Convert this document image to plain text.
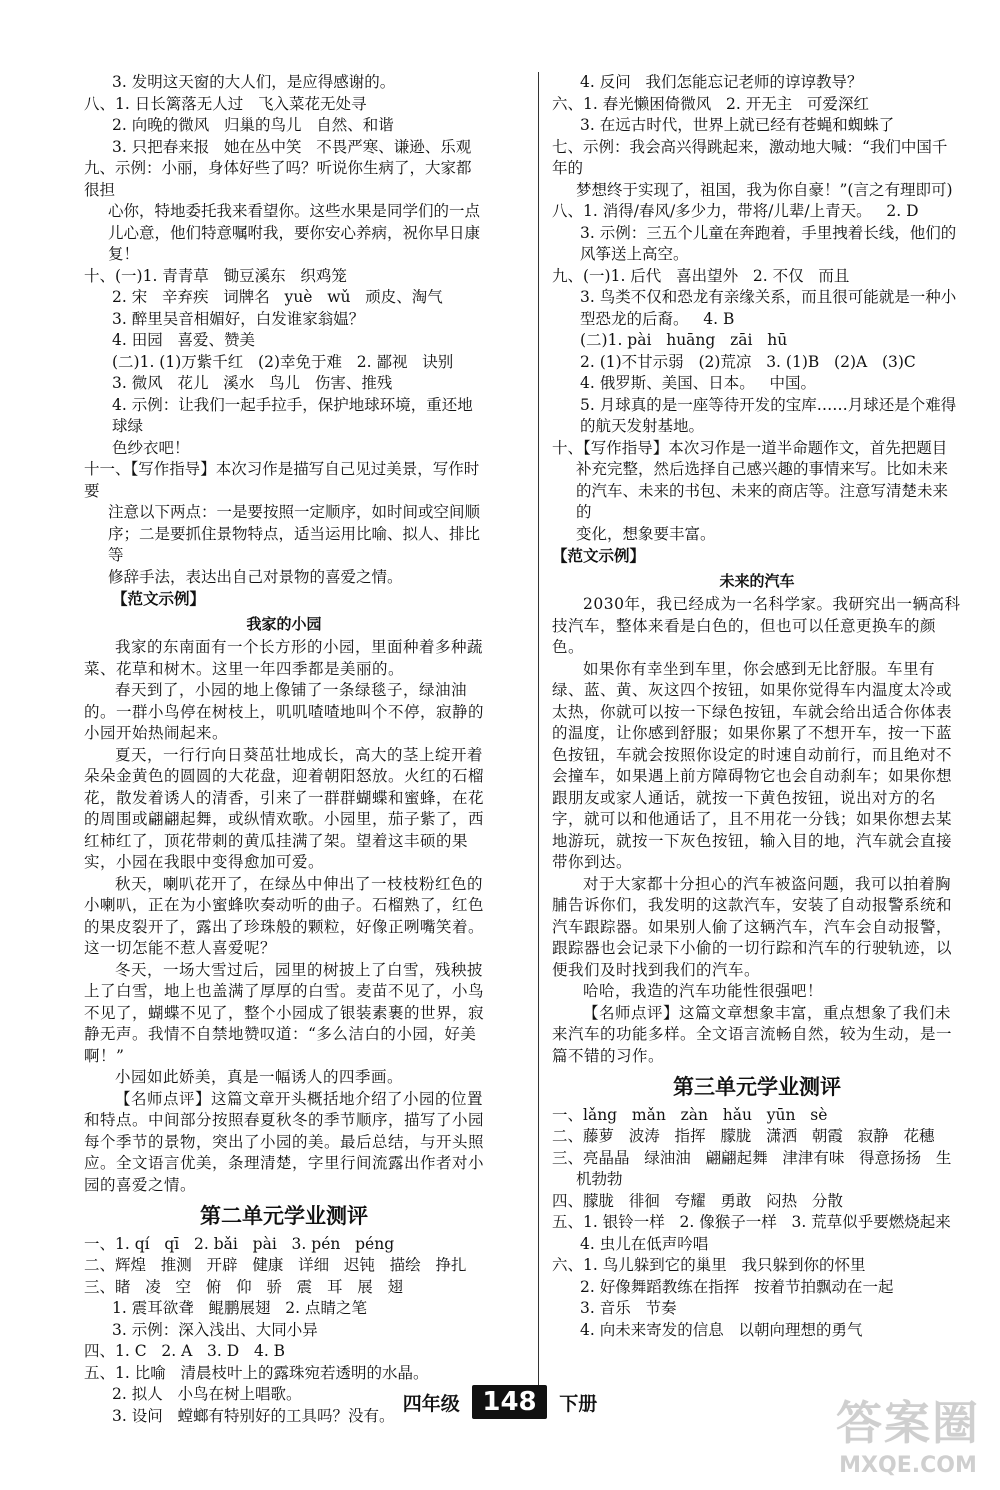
3. 发明这天窗的大人们，是应得感谢的。
八、1. 日长篱落无人过   飞入菜花无处寻
2. 向晚的微风   归巢的鸟儿   自然、和谐
3. 只把春来报   她在丛中笑   不畏严寒、谦逊、乐观
九、示例：小丽，身体好些了吗？听说你生病了，大家都很担
心你，特地委托我来看望你。这些水果是同学们的一点
儿心意，他们特意嘱咐我，要你安心养病，祝你早日康复！
十、(一)1. 青青草   锄豆溪东   织鸡笼
2. 宋   辛弃疾   词牌名   yuè   wǔ   顽皮、淘气
3. 醉里吴音相媚好，白发谁家翁媪？
4. 田园   喜爱、赞美
(二)1. (1)万紫千红   (2)幸免于难   2. 鄙视   诀别
3. 微风   花儿   溪水   鸟儿   伤害、推残
4. 示例：让我们一起手拉手，保护地球环境，重还地球绿
色纱衣吧！
十一、【写作指导】本次习作是描写自己见过美景，写作时要
注意以下两点：一是要按照一定顺序，如时间或空间顺
序；二是要抓住景物特点，适当运用比喻、拟人、排比等
修辞手法，表达出自己对景物的喜爱之情。
【范文示例】
我家的小园

我家的东南面有一个长方形的小园，里面种着多种蔬菜、花草和树木。这里一年四季都是美丽的。

春天到了，小园的地上像铺了一条绿毯子，绿油油的。一群小鸟停在树枝上，叽叽喳喳地叫个不停，寂静的小园开始热闹起来。

夏天，一行行向日葵茁壮地成长，高大的茎上绽开着朵朵金黄色的圆圆的大花盘，迎着朝阳怒放。火红的石榴花，散发着诱人的清香，引来了一群群蝴蝶和蜜蜂，在花的周围或翩翩起舞，或纵情欢歌。小园里，茄子紫了，西红柿红了，顶花带刺的黄瓜挂满了架。望着这丰硕的果实，小园在我眼中变得愈加可爱。

秋天，喇叭花开了，在绿丛中伸出了一枝枝粉红色的小喇叭，正在为小蜜蜂吹奏动听的曲子。石榴熟了，红色的果皮裂开了，露出了珍珠般的颗粒，好像正咧嘴笑着。这一切怎能不惹人喜爱呢？

冬天，一场大雪过后，园里的树披上了白雪，残秧披上了白雪，地上也盖满了厚厚的白雪。麦苗不见了，小鸟不见了，蝴蝶不见了，整个小园成了银装素裹的世界，寂静无声。我情不自禁地赞叹道：“多么洁白的小园，好美啊！”

小园如此娇美，真是一幅诱人的四季画。

【名师点评】这篇文章开头概括地介绍了小园的位置和特点。中间部分按照春夏秋冬的季节顺序，描写了小园每个季节的景物，突出了小园的美。最后总结，与开头照应。全文语言优美，条理清楚，字里行间流露出作者对小园的喜爱之情。

第二单元学业测评
一、1. qí   qī   2. bǎi   pài   3. pén   péng
二、辉煌   推测   开辟   健康   详细   迟钝   描绘   挣扎
三、睹   凌   空   俯   仰   骄   震   耳   展   翅
1. 震耳欲聋   鲲鹏展翅   2. 点睛之笔
3. 示例：深入浅出、大同小异
四、1. C   2. A   3. D   4. B
五、1. 比喻   清晨枝叶上的露珠宛若透明的水晶。
2. 拟人   小鸟在树上唱歌。
3. 设问   螳螂有特别好的工具吗？没有。
4. 反问   我们怎能忘记老师的谆谆教导？
六、1. 春光懒困倚微风   2. 开无主   可爱深红
3. 在远古时代，世界上就已经有苍蝇和蜘蛛了
七、示例：我会高兴得跳起来，激动地大喊：“我们中国千年的
梦想终于实现了，祖国，我为你自豪！”(言之有理即可)
八、1. 消得/春风/多少力，带将/儿辈/上青天。   2. D
3. 示例：三五个儿童在奔跑着，手里拽着长线，他们的
风筝送上高空。
九、(一)1. 后代   喜出望外   2. 不仅   而且
3. 鸟类不仅和恐龙有亲缘关系，而且很可能就是一种小
型恐龙的后裔。   4. B
(二)1. pài   huāng   zāi   hū
2. (1)不甘示弱   (2)荒凉   3. (1)B   (2)A   (3)C
4. 俄罗斯、美国、日本。   中国。
5. 月球真的是一座等待开发的宝库……月球还是个难得
的航天发射基地。
十、【写作指导】本次习作是一道半命题作文，首先把题目
补充完整，然后选择自己感兴趣的事情来写。比如未来
的汽车、未来的书包、未来的商店等。注意写清楚未来的
变化，想象要丰富。
【范文示例】
未来的汽车

2030年，我已经成为一名科学家。我研究出一辆高科技汽车，整体来看是白色的，但也可以任意更换车的颜色。

如果你有幸坐到车里，你会感到无比舒服。车里有绿、蓝、黄、灰这四个按钮，如果你觉得车内温度太冷或太热，你就可以按一下绿色按钮，车就会给出适合你体表的温度，让你感到舒服；如果你累了不想开车，按一下蓝色按钮，车就会按照你设定的时速自动前行，而且绝对不会撞车，如果遇上前方障碍物它也会自动刹车；如果你想跟朋友或家人通话，就按一下黄色按钮，说出对方的名字，就可以和他通话了，且不用花一分钱；如果你想去某地游玩，就按一下灰色按钮，输入目的地，汽车就会直接带你到达。

对于大家都十分担心的汽车被盗问题，我可以拍着胸脯告诉你们，我发明的这款汽车，安装了自动报警系统和汽车跟踪器。如果别人偷了这辆汽车，汽车会自动报警，跟踪器也会记录下小偷的一切行踪和汽车的行驶轨迹，以便我们及时找到我们的汽车。

哈哈，我造的汽车功能性很强吧！

【名师点评】这篇文章想象丰富，重点想象了我们未来汽车的功能多样。全文语言流畅自然，较为生动，是一篇不错的习作。

第三单元学业测评
一、lǎng   mǎn   zàn   hǎu   yūn   sè
二、藤萝   波涛   指挥   朦胧   潇洒   朝霞   寂静   花穗
三、亮晶晶   绿油油   翩翩起舞   津津有味   得意扬扬   生
机勃勃
四、朦胧   徘徊   夸耀   勇敢   闷热   分散
五、1. 银铃一样   2. 像猴子一样   3. 荒草似乎要燃烧起来
4. 虫儿在低声吟唱
六、1. 鸟儿躲到它的巢里   我只躲到你的怀里
2. 好像舞蹈教练在指挥   按着节拍飘动在一起
3. 音乐   节奏
4. 向未来寄发的信息   以朝向理想的勇气
四年级 148 下册	答案圈
MXQE.COM
